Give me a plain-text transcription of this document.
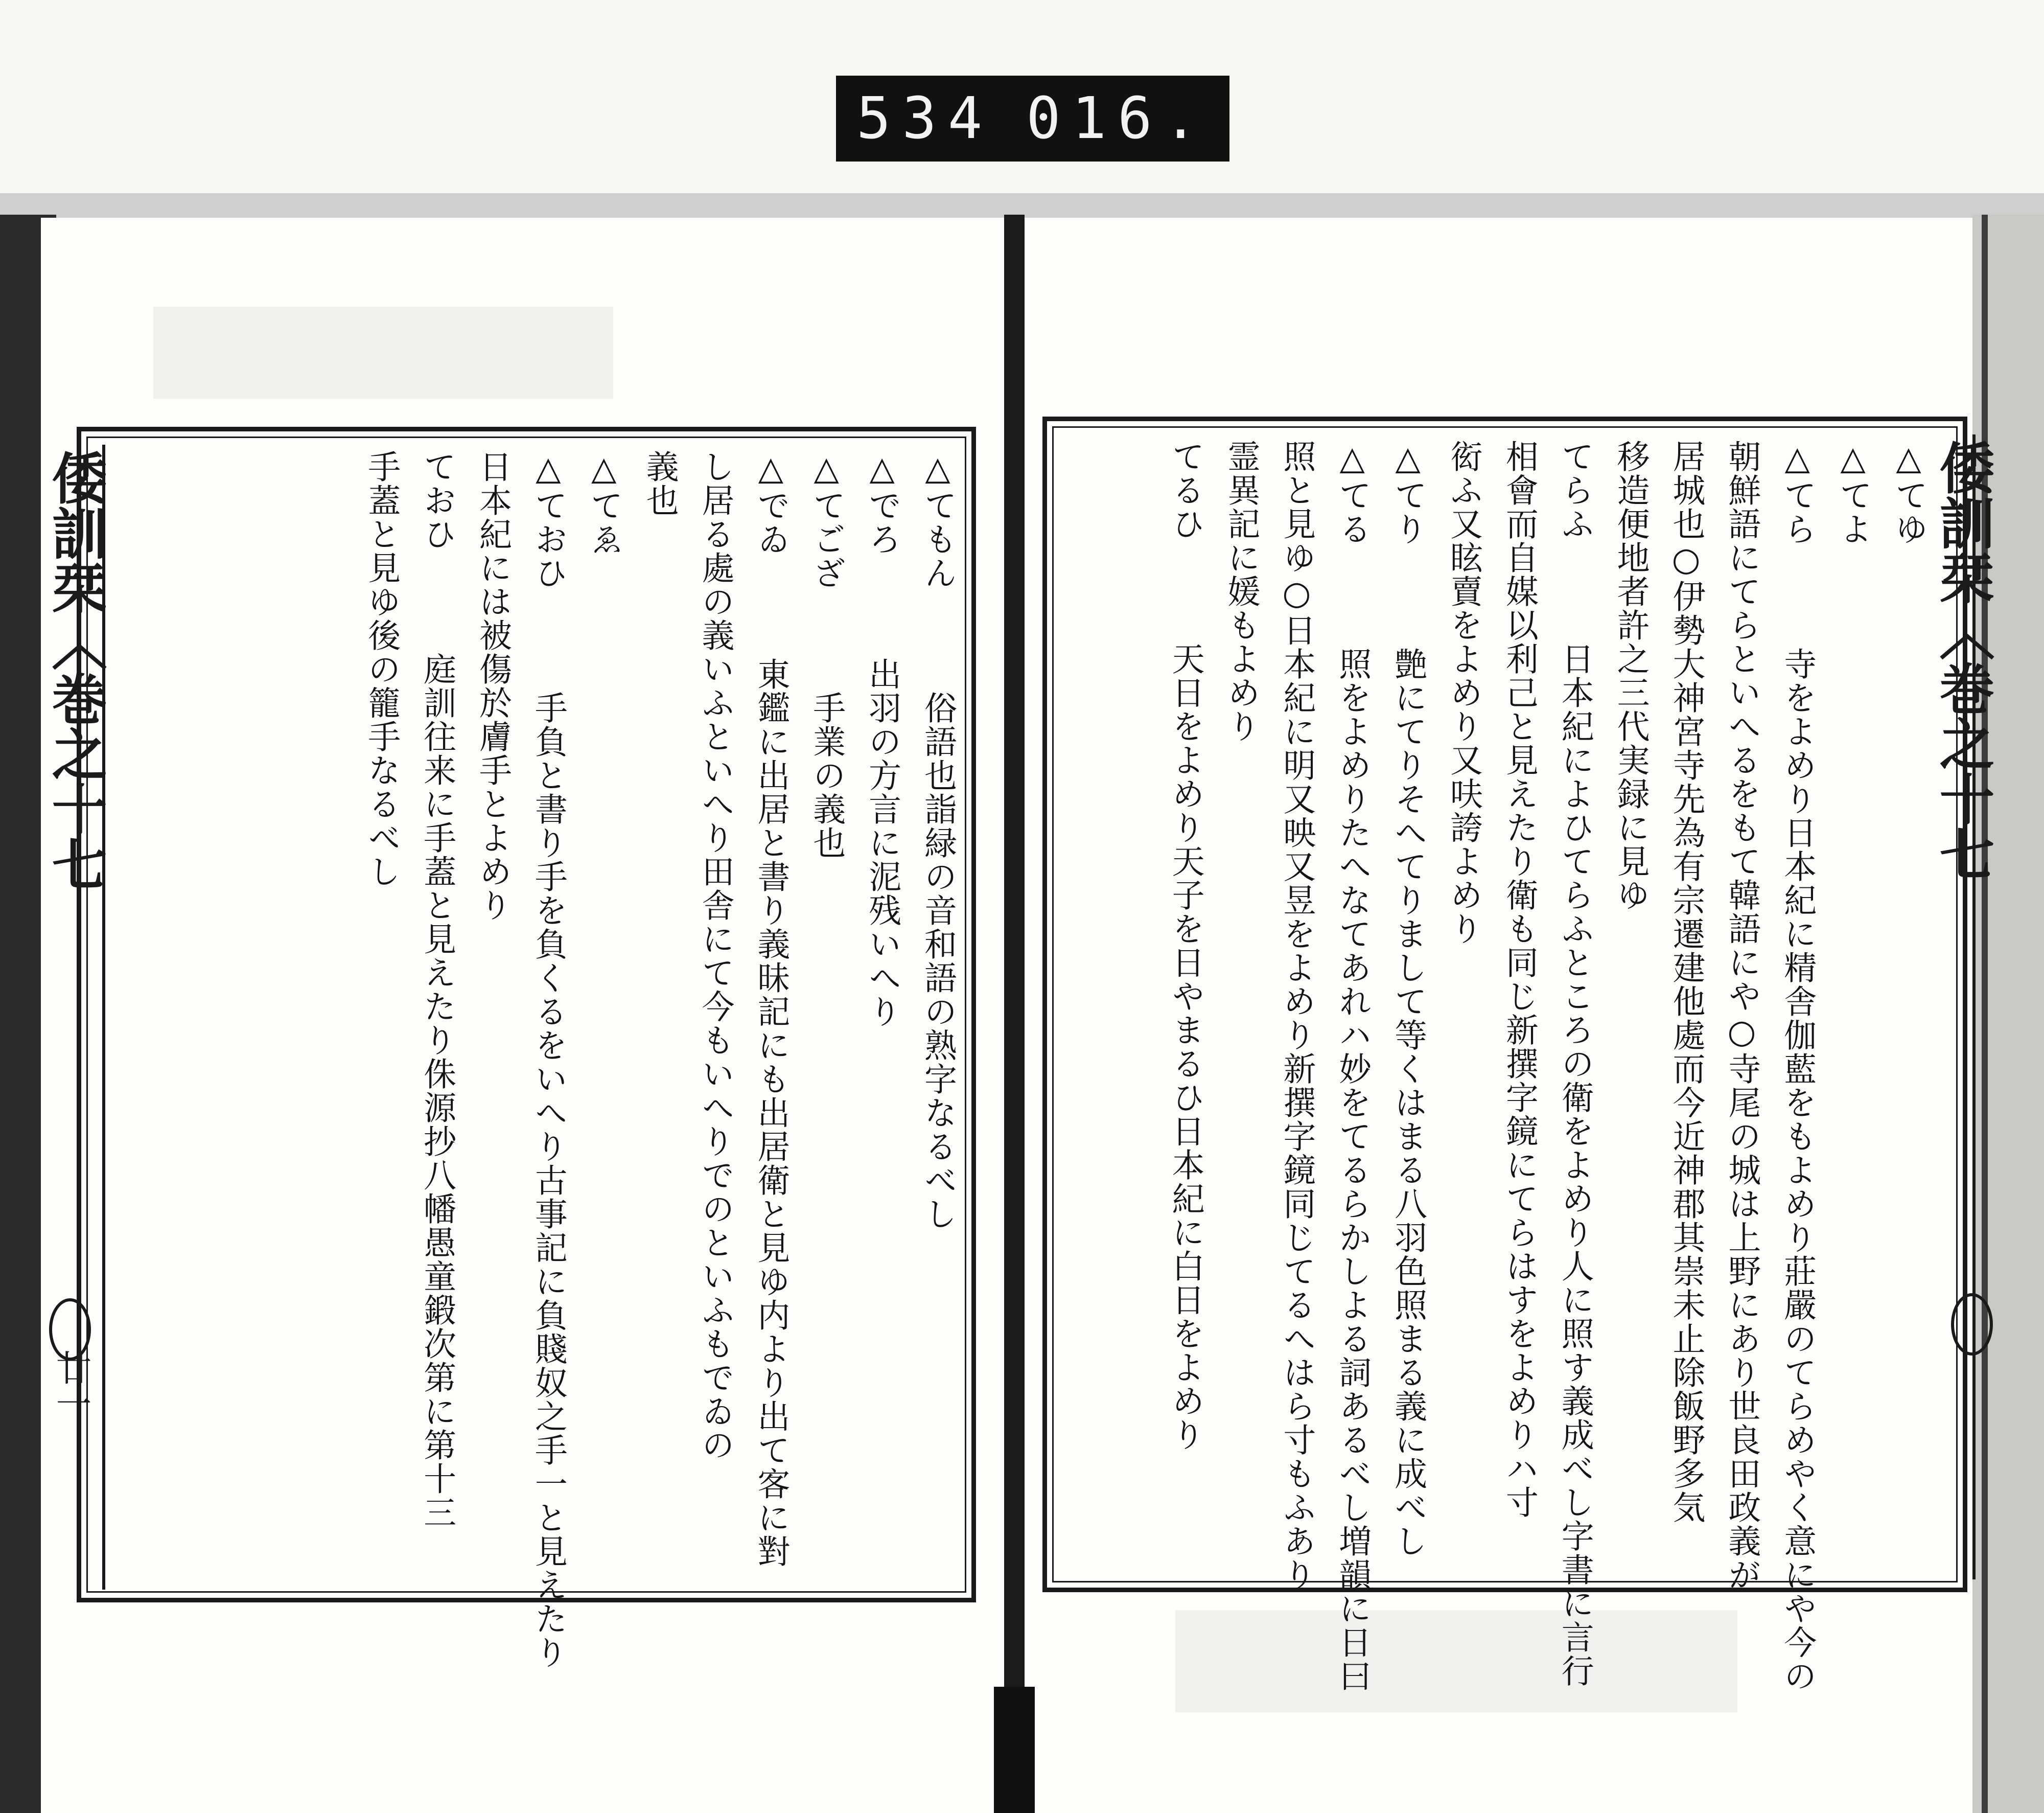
534 016.
倭訓栞〈巻之十七
廿一
△てもん　　　俗語也詣緑の音和語の熟字なるべし
△でろ　　　出羽の方言に泥残いへり
△てござ　　　手業の義也
△でゐ　　　東鑑に出居と書り義昧記にも出居衛と見ゆ内より出て客に對
し居る處の義いふといへり田舎にて今もいへりでのといふもでゐの
義也
△てゑ
△ておひ　　　手負と書り手を負くるをいへり古事記に負賤奴之手一と見えたり
日本紀には被傷於膚手とよめり
ておひ　　　庭訓往来に手蓋と見えたり侏源抄八幡愚童鍛次第に第十三
手蓋と見ゆ後の籠手なるべし	倭訓栞〈巻之十七
△てゆ
△てよ
△てら　　　寺をよめり日本紀に精舎伽藍をもよめり莊嚴のてらめやく意にや今の
朝鮮語にてらといへるをもて韓語にや○寺尾の城は上野にあり世良田政義が
居城也○伊勢大神宮寺先為有宗遷建他處而今近神郡其崇未止除飯野多気
移造便地者許之三代実録に見ゆ
てらふ　　　日本紀によひてらふところの衛をよめり人に照す義成べし字書に言行
相會而自媒以利己と見えたり衛も同じ新撰字鏡にてらはすをよめりハ寸
衒ふ又眩賣をよめり又呋誇よめり
△てり　　　艶にてりそへてりまして等くはまる八羽色照まる義に成べし
△てる　　　照をよめりたへなてあれハ妙をてるらかしよる詞あるべし増韻に日曰
照と見ゆ○日本紀に明又映又昱をよめり新撰字鏡同じてるへはら寸もふあり
霊異記に媛もよめり
てるひ　　　天日をよめり天子を日やまるひ日本紀に白日をよめり
